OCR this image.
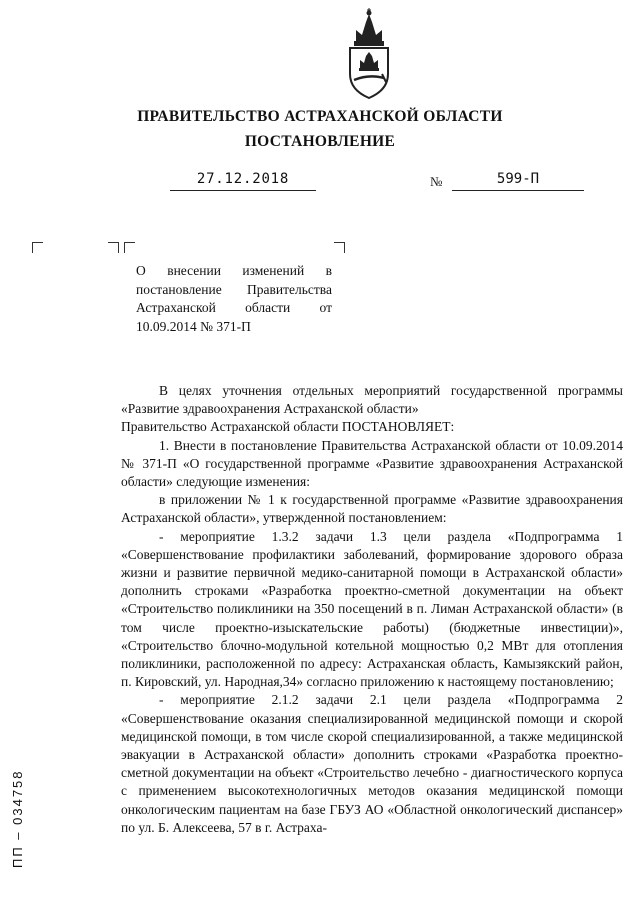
ПРАВИТЕЛЬСТВО АСТРАХАНСКОЙ ОБЛАСТИ
ПОСТАНОВЛЕНИЕ
27.12.2018	№	599-П

О внесении изменений в постановление Правительства Астраханской области от 10.09.2014 № 371-П

В целях уточнения отдельных мероприятий государственной программы «Развитие здравоохранения Астраханской области»

Правительство Астраханской области ПОСТАНОВЛЯЕТ:

1. Внести в постановление Правительства Астраханской области от 10.09.2014 № 371-П «О государственной программе «Развитие здравоохранения Астраханской области» следующие изменения:

в приложении № 1 к государственной программе «Развитие здравоохранения Астраханской области», утвержденной постановлением:

- мероприятие 1.3.2 задачи 1.3 цели раздела «Подпрограмма 1 «Совершенствование профилактики заболеваний, формирование здорового образа жизни и развитие первичной медико-санитарной помощи в Астраханской области» дополнить строками «Разработка проектно-сметной документации на объект «Строительство поликлиники на 350 посещений в п. Лиман Астраханской области» (в том числе проектно-изыскательские работы) (бюджетные инвестиции)», «Строительство блочно-модульной котельной мощностью 0,2 МВт для отопления поликлиники, расположенной по адресу: Астраханская область, Камызякский район, п. Кировский, ул. Народная,34» согласно приложению к настоящему постановлению;

- мероприятие 2.1.2 задачи 2.1 цели раздела «Подпрограмма 2 «Совершенствование оказания специализированной медицинской помощи и скорой медицинской помощи, в том числе скорой специализированной, а также медицинской эвакуации в Астраханской области» дополнить строками «Разработка проектно-сметной документации на объект «Строительство лечебно - диагностического корпуса с применением высокотехнологичных методов оказания медицинской помощи онкологическим пациентам на базе ГБУЗ АО «Областной онкологический диспансер» по ул. Б. Алексеева, 57 в г. Астраха-

ПП – 034758
